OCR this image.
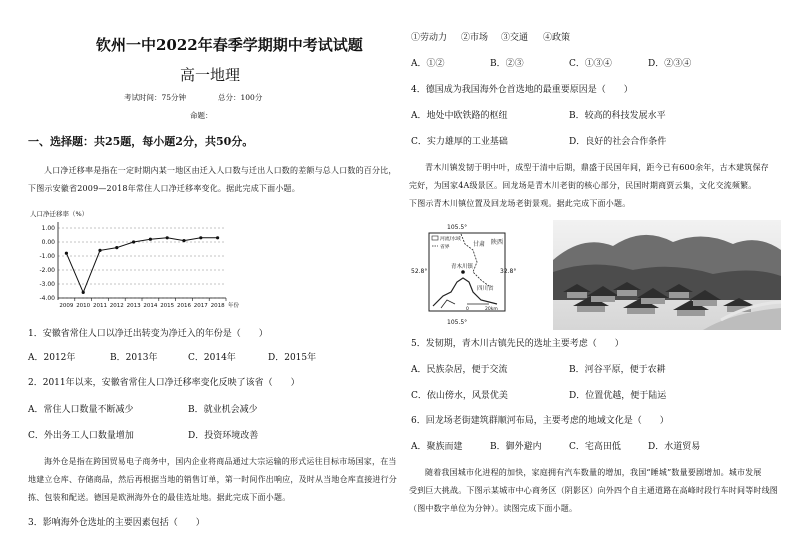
钦州一中2022年春季学期期中考试试题
高一地理
考试时间：75分钟	总分：100分
命题：
一、选择题：共25题，每小题2分，共50分。
人口净迁移率是指在一定时期内某一地区由迁入人口数与迁出人口数的差额与总人口数的百分比，
下图示安徽省2009—2018年常住人口净迁移率变化。据此完成下面小题。
人口净迁移率（%）
1.00
0.00
-1.00
-2.00
-3.00
-4.00
2009 2010 2011 2012 2013 2014 2015 2016 2017 2018 年份
1．安徽省常住人口以净迁出转变为净迁入的年份是（　　）
A．2012年	B．2013年	C．2014年	D．2015年
2．2011年以来，安徽省常住人口净迁移率变化反映了该省（　　）
A．常住人口数量不断减少	B．就业机会减少
C．外出务工人口数量增加	D．投资环境改善
海外仓是指在跨国贸易电子商务中，国内企业将商品通过大宗运输的形式运往目标市场国家，在当
地建立仓库、存储商品，然后再根据当地的销售订单，第一时间作出响应，及时从当地仓库直接进行分
拣、包装和配送。德国是欧洲海外仓的最佳选址地。据此完成下面小题。
3．影响海外仓选址的主要因素包括（　　）
①劳动力 ②市场 ③交通 ④政策
A．①②	B．②③	C．①③④	D．②③④
4．德国成为我国海外仓首选地的最重要原因是（　　）
A．地处中欧铁路的枢纽	B．较高的科技发展水平
C．实力雄厚的工业基础	D．良好的社会合作条件
青木川镇发韧于明中叶，成型于清中后期，鼎盛于民国年间，距今已有600余年，古木建筑保存
完好，为国家4A级景区。回龙场是青木川老街的核心部分，民国时期商贾云集，文化交流频繁。
下图示青木川镇位置及回龙场老街景观。据此完成下面小题。
105.5°
105.5°
52.8°	32.8°
河流/水域
省界	甘肃 陕西
青木川镇
四川省
0	20km
5．发韧期，青木川古镇先民的选址主要考虑（　　）
A．民族杂居，便于交流	B．河谷平原，便于农耕
C．依山傍水，风景优美	D．位置优越，便于陆运
6．回龙场老街建筑群顺河布局，主要考虑的地域文化是（　　）
A．聚族而建	B．御外避内	C．宅高田低	D．水道贸易
随着我国城市化进程的加快，家庭拥有汽车数量的增加，我国“睡城”数量要剧增加。城市发展
受到巨大挑战。下图示某城市中心商务区（阴影区）向外四个自主通道路在高峰时段行车时间等时线图
（图中数字单位为分钟）。读图完成下面小题。
